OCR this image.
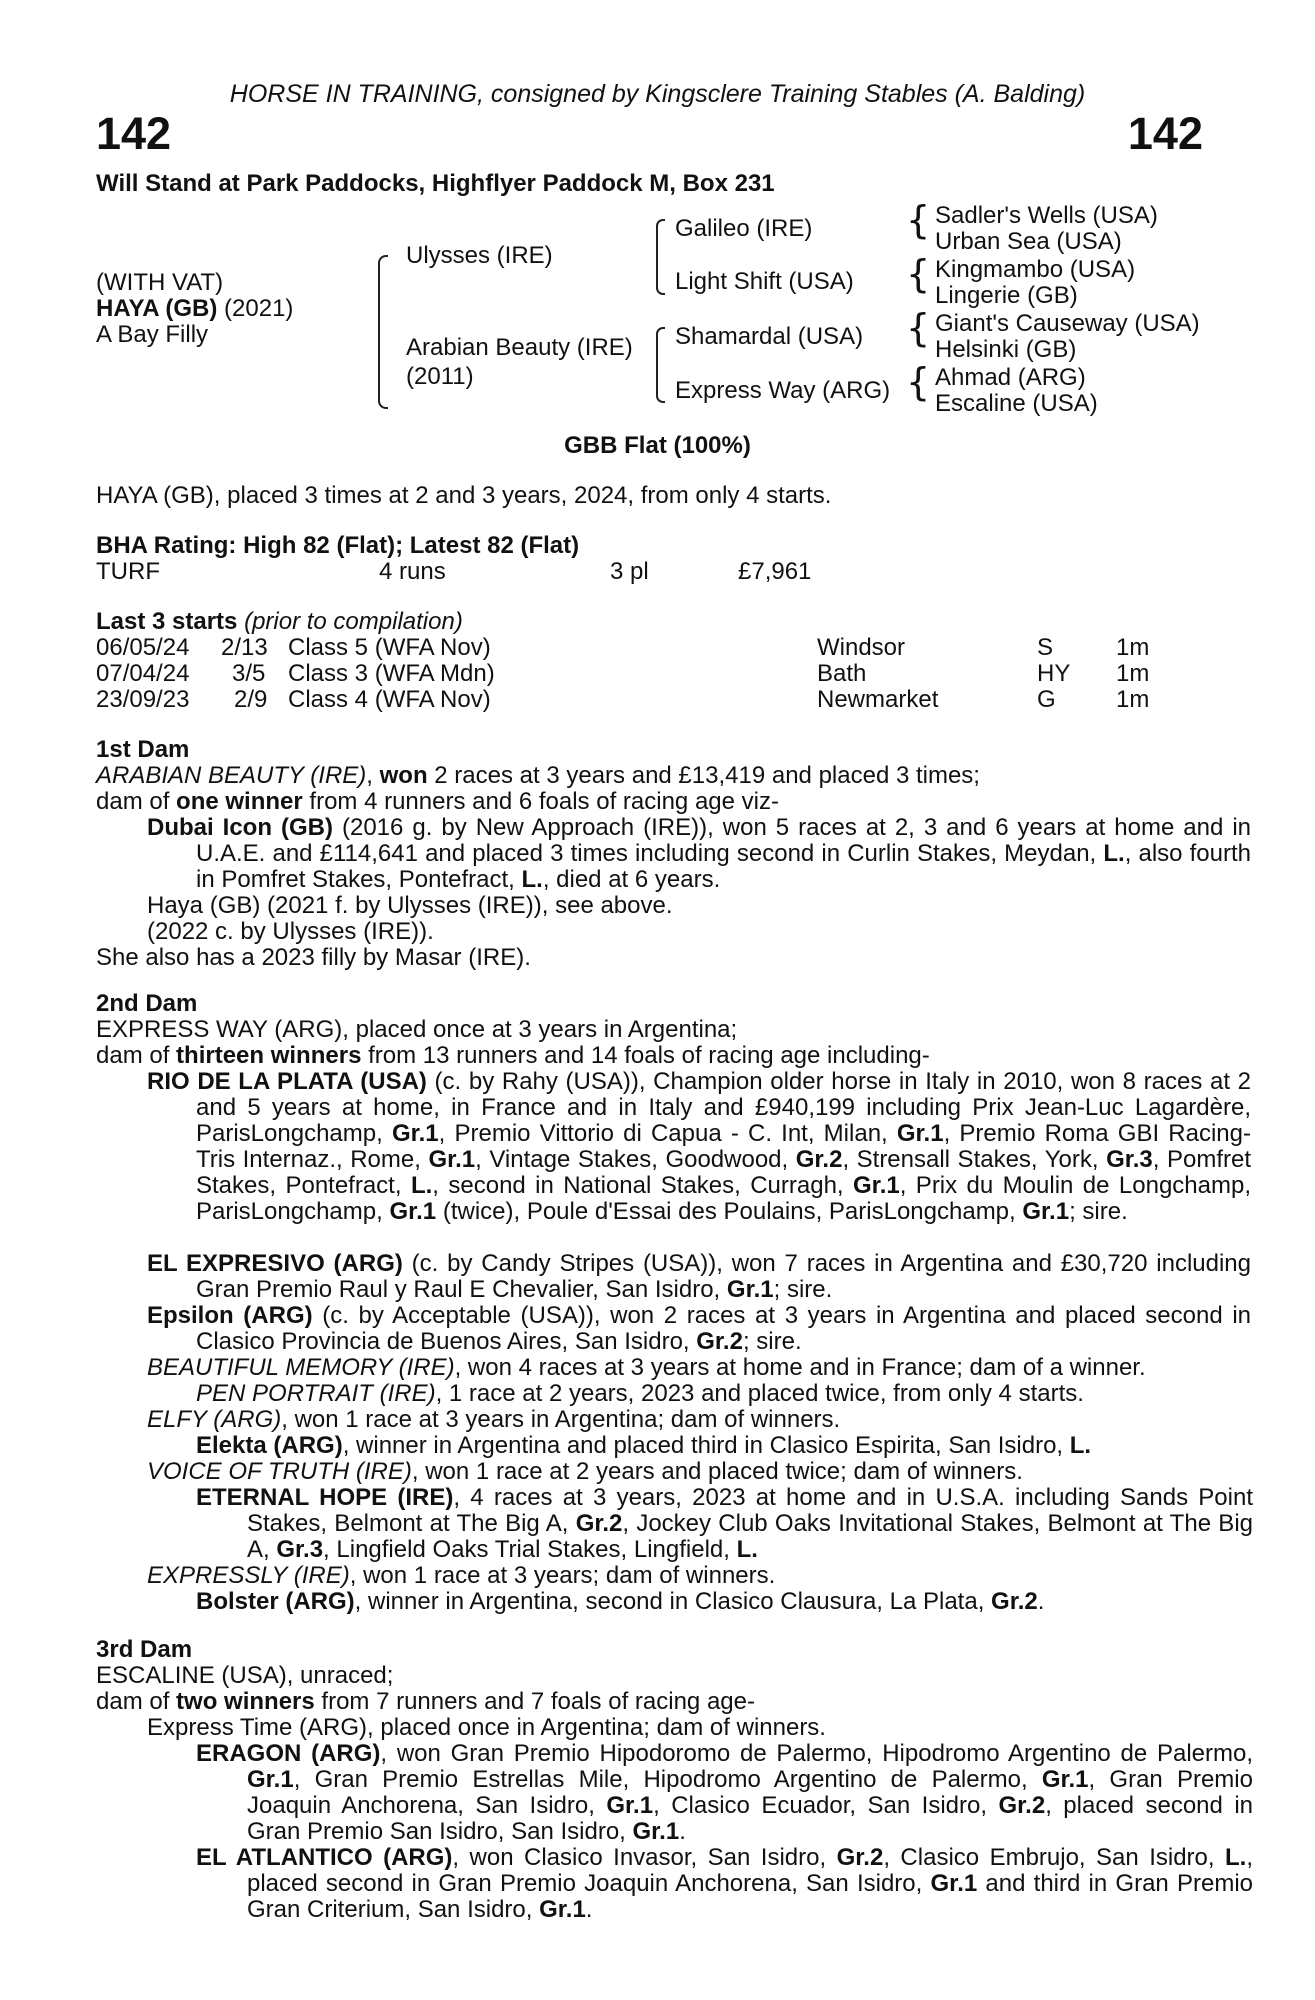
HORSE IN TRAINING, consigned by Kingsclere Training Stables (A. Balding)
142	142
Will Stand at Park Paddocks, Highflyer Paddock M, Box 231
(WITH VAT)
HAYA (GB) (2021)
A Bay Filly
Ulysses (IRE)
Arabian Beauty (IRE)
(2011)
Galileo (IRE)
Light Shift (USA)
Shamardal (USA)
Express Way (ARG)
{
{
{
{
Sadler's Wells (USA)
Urban Sea (USA)
Kingmambo (USA)
Lingerie (GB)
Giant's Causeway (USA)
Helsinki (GB)
Ahmad (ARG)
Escaline (USA)
GBB Flat (100%)
HAYA (GB), placed 3 times at 2 and 3 years, 2024, from only 4 starts.
BHA Rating: High 82 (Flat); Latest 82 (Flat)
TURF	4 runs	3 pl	£7,961
Last 3 starts (prior to compilation)
06/05/24 2/13 Class 5 (WFA Nov)	Windsor	S	1m
07/04/24 3/5 Class 3 (WFA Mdn)	Bath	HY 1m
23/09/23 2/9 Class 4 (WFA Nov)	Newmarket	G	1m
1st Dam
ARABIAN BEAUTY (IRE), won 2 races at 3 years and £13,419 and placed 3 times;
dam of one winner from 4 runners and 6 foals of racing age viz-
Dubai Icon (GB) (2016 g. by New Approach (IRE)), won 5 races at 2, 3 and 6 years at home and in U.A.E. and £114,641 and placed 3 times including second in Curlin Stakes, Meydan, L., also fourth in Pomfret Stakes, Pontefract, L., died at 6 years.
Haya (GB) (2021 f. by Ulysses (IRE)), see above.
(2022 c. by Ulysses (IRE)).
She also has a 2023 filly by Masar (IRE).
2nd Dam
EXPRESS WAY (ARG), placed once at 3 years in Argentina;
dam of thirteen winners from 13 runners and 14 foals of racing age including-
RIO DE LA PLATA (USA) (c. by Rahy (USA)), Champion older horse in Italy in 2010, won 8 races at 2 and 5 years at home, in France and in Italy and £940,199 including Prix Jean-Luc Lagardère, ParisLongchamp, Gr.1, Premio Vittorio di Capua - C. Int, Milan, Gr.1, Premio Roma GBI Racing-Tris Internaz., Rome, Gr.1, Vintage Stakes, Goodwood, Gr.2, Strensall Stakes, York, Gr.3, Pomfret Stakes, Pontefract, L., second in National Stakes, Curragh, Gr.1, Prix du Moulin de Longchamp, ParisLongchamp, Gr.1 (twice), Poule d'Essai des Poulains, ParisLongchamp, Gr.1; sire.
EL EXPRESIVO (ARG) (c. by Candy Stripes (USA)), won 7 races in Argentina and £30,720 including Gran Premio Raul y Raul E Chevalier, San Isidro, Gr.1; sire.
Epsilon (ARG) (c. by Acceptable (USA)), won 2 races at 3 years in Argentina and placed second in Clasico Provincia de Buenos Aires, San Isidro, Gr.2; sire.
BEAUTIFUL MEMORY (IRE), won 4 races at 3 years at home and in France; dam of a winner.
PEN PORTRAIT (IRE), 1 race at 2 years, 2023 and placed twice, from only 4 starts.
ELFY (ARG), won 1 race at 3 years in Argentina; dam of winners.
Elekta (ARG), winner in Argentina and placed third in Clasico Espirita, San Isidro, L.
VOICE OF TRUTH (IRE), won 1 race at 2 years and placed twice; dam of winners.
ETERNAL HOPE (IRE), 4 races at 3 years, 2023 at home and in U.S.A. including Sands Point Stakes, Belmont at The Big A, Gr.2, Jockey Club Oaks Invitational Stakes, Belmont at The Big A, Gr.3, Lingfield Oaks Trial Stakes, Lingfield, L.
EXPRESSLY (IRE), won 1 race at 3 years; dam of winners.
Bolster (ARG), winner in Argentina, second in Clasico Clausura, La Plata, Gr.2.
3rd Dam
ESCALINE (USA), unraced;
dam of two winners from 7 runners and 7 foals of racing age-
Express Time (ARG), placed once in Argentina; dam of winners.
ERAGON (ARG), won Gran Premio Hipodoromo de Palermo, Hipodromo Argentino de Palermo, Gr.1, Gran Premio Estrellas Mile, Hipodromo Argentino de Palermo, Gr.1, Gran Premio Joaquin Anchorena, San Isidro, Gr.1, Clasico Ecuador, San Isidro, Gr.2, placed second in Gran Premio San Isidro, San Isidro, Gr.1.
EL ATLANTICO (ARG), won Clasico Invasor, San Isidro, Gr.2, Clasico Embrujo, San Isidro, L., placed second in Gran Premio Joaquin Anchorena, San Isidro, Gr.1 and third in Gran Premio Gran Criterium, San Isidro, Gr.1.
